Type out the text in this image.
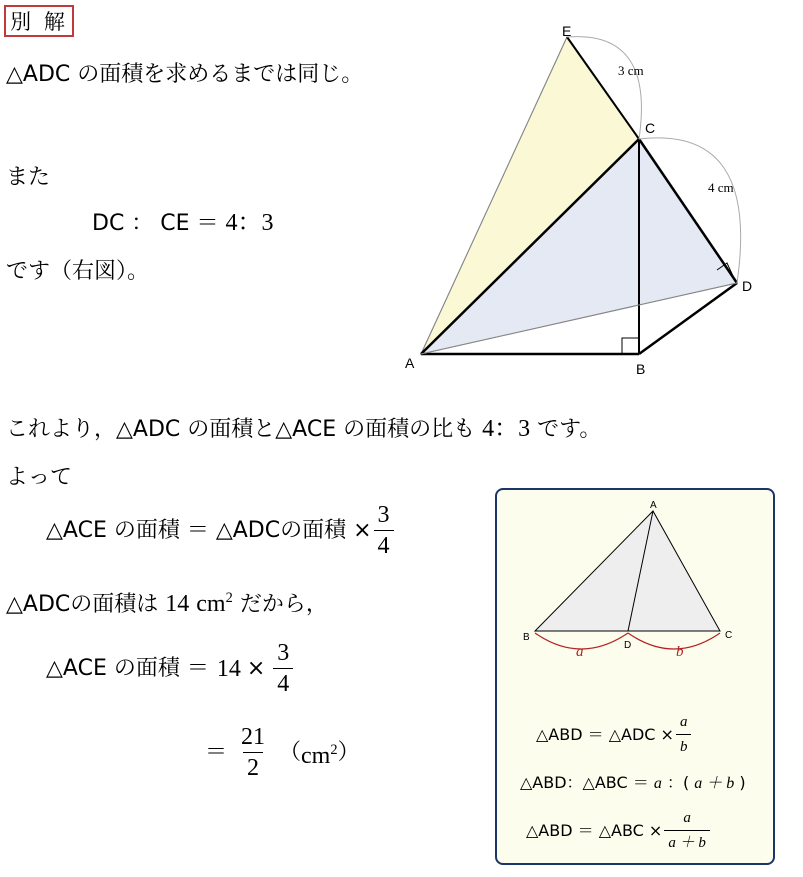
別 解
△ADC の面積を求めるまでは同じ。
また
DC ： CE ＝ 4：3
です（右図）。
これより，△ADC の面積と△ACE の面積の比も 4：3 です。
よって
△ACE の面積 ＝ △ADCの面積 × $\frac{3}{4}$
△ADCの面積は 14 $cm^2$ だから，
△ACE の面積 ＝ $14 \times \frac{3}{4}$
＝ $\frac{21}{2}$ （ $cm^2$ ）
E
C
D
A	B
3 cm
4 cm
A
B	C
D
a	b
△ABD ＝ △ADC × $\frac{a}{b}$
△ABD：△ABC ＝ a ：( a ＋ b )
△ABD ＝ △ABC × $\frac{a}{a + b}$
